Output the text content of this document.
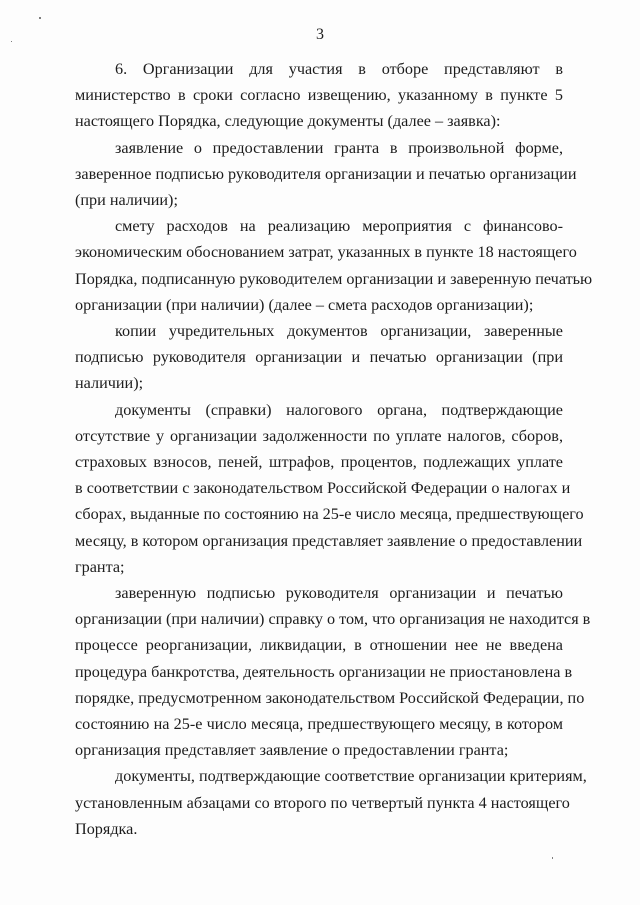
3
6. Организации для участия в отборе представляют в
министерство в сроки согласно извещению, указанному в пункте 5
настоящего Порядка, следующие документы (далее – заявка):
заявление о предоставлении гранта в произвольной форме,
заверенное подписью руководителя организации и печатью организации
(при наличии);
смету расходов на реализацию мероприятия с финансово-
экономическим обоснованием затрат, указанных в пункте 18 настоящего
Порядка, подписанную руководителем организации и заверенную печатью
организации (при наличии) (далее – смета расходов организации);
копии учредительных документов организации, заверенные
подписью руководителя организации и печатью организации (при
наличии);
документы (справки) налогового органа, подтверждающие
отсутствие у организации задолженности по уплате налогов, сборов,
страховых взносов, пеней, штрафов, процентов, подлежащих уплате
в соответствии с законодательством Российской Федерации о налогах и
сборах, выданные по состоянию на 25-е число месяца, предшествующего
месяцу, в котором организация представляет заявление о предоставлении
гранта;
заверенную подписью руководителя организации и печатью
организации (при наличии) справку о том, что организация не находится в
процессе реорганизации, ликвидации, в отношении нее не введена
процедура банкротства, деятельность организации не приостановлена в
порядке, предусмотренном законодательством Российской Федерации, по
состоянию на 25-е число месяца, предшествующего месяцу, в котором
организация представляет заявление о предоставлении гранта;
документы, подтверждающие соответствие организации критериям,
установленным абзацами со второго по четвертый пункта 4 настоящего
Порядка.
